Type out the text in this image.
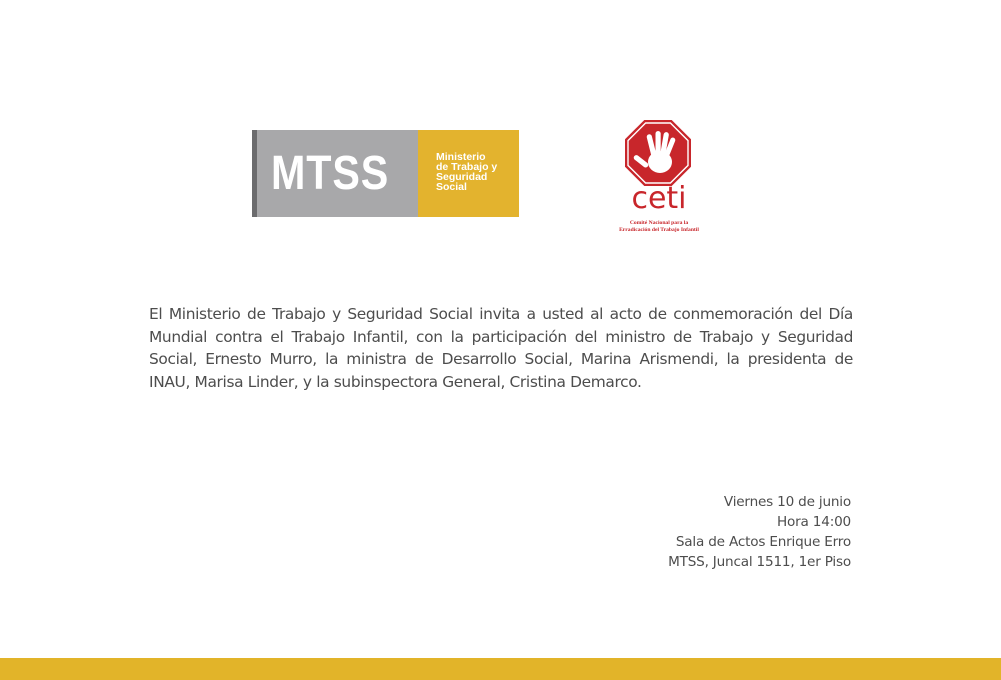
MTSS	Ministerio
de Trabajo y
Seguridad
Social	ceti
Comité Nacional para la
Erradicación del Trabajo Infantil

El Ministerio de Trabajo y Seguridad Social invita a usted al acto de conmemoración del Día Mundial contra el Trabajo Infantil, con la participación del ministro de Trabajo y Seguridad Social, Ernesto Murro, la ministra de Desarrollo Social, Marina Arismendi, la presidenta de INAU, Marisa Linder, y la subinspectora General, Cristina Demarco.

Viernes 10 de junio
Hora 14:00
Sala de Actos Enrique Erro
MTSS, Juncal 1511, 1er Piso
